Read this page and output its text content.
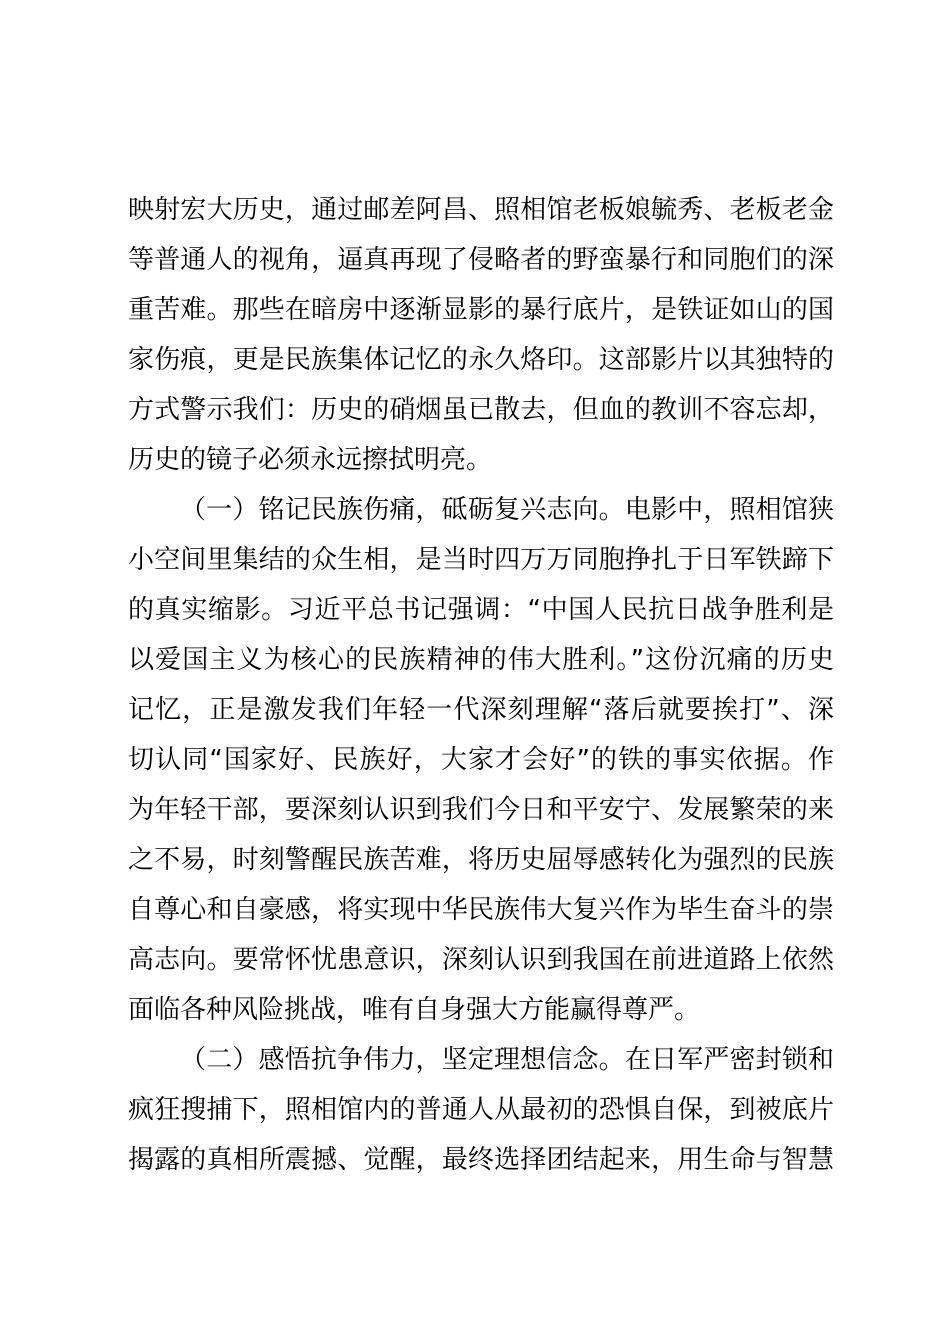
映射宏大历史，通过邮差阿昌、照相馆老板娘毓秀、老板老金
等普通人的视角，逼真再现了侵略者的野蛮暴行和同胞们的深
重苦难。那些在暗房中逐渐显影的暴行底片，是铁证如山的国
家伤痕，更是民族集体记忆的永久烙印。这部影片以其独特的
方式警示我们：历史的硝烟虽已散去，但血的教训不容忘却，
历史的镜子必须永远擦拭明亮。
（一）铭记民族伤痛，砥砺复兴志向。电影中，照相馆狭
小空间里集结的众生相，是当时四万万同胞挣扎于日军铁蹄下
的真实缩影。习近平总书记强调：“中国人民抗日战争胜利是
以爱国主义为核心的民族精神的伟大胜利。”这份沉痛的历史
记忆，正是激发我们年轻一代深刻理解“落后就要挨打”、深
切认同“国家好、民族好，大家才会好”的铁的事实依据。作
为年轻干部，要深刻认识到我们今日和平安宁、发展繁荣的来
之不易，时刻警醒民族苦难，将历史屈辱感转化为强烈的民族
自尊心和自豪感，将实现中华民族伟大复兴作为毕生奋斗的崇
高志向。要常怀忧患意识，深刻认识到我国在前进道路上依然
面临各种风险挑战，唯有自身强大方能赢得尊严。
（二）感悟抗争伟力，坚定理想信念。在日军严密封锁和
疯狂搜捕下，照相馆内的普通人从最初的恐惧自保，到被底片
揭露的真相所震撼、觉醒，最终选择团结起来，用生命与智慧
